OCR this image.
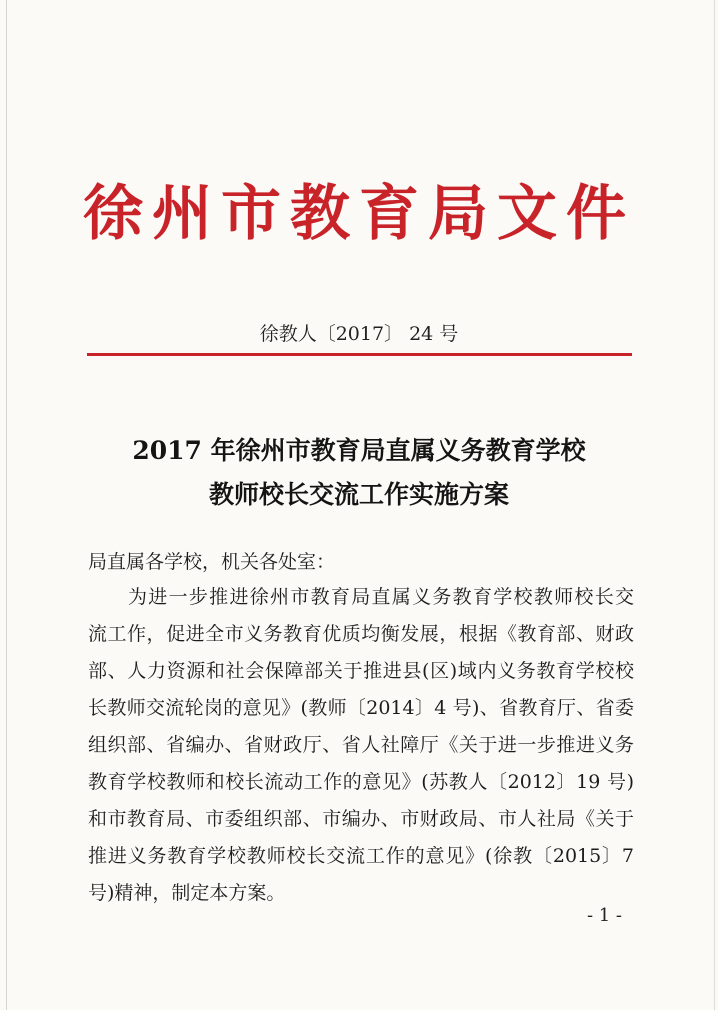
徐州市教育局文件
徐教人〔2017〕 24 号
2017 年徐州市教育局直属义务教育学校
教师校长交流工作实施方案
局直属各学校，机关各处室：
为进一步推进徐州市教育局直属义务教育学校教师校长交
流工作，促进全市义务教育优质均衡发展，根据《教育部、财政
部、人力资源和社会保障部关于推进县(区)域内义务教育学校校
长教师交流轮岗的意见》(教师〔2014〕4 号)、省教育厅、省委
组织部、省编办、省财政厅、省人社障厅《关于进一步推进义务
教育学校教师和校长流动工作的意见》(苏教人〔2012〕19 号)
和市教育局、市委组织部、市编办、市财政局、市人社局《关于
推进义务教育学校教师校长交流工作的意见》(徐教〔2015〕7
号)精神，制定本方案。
- 1 -
